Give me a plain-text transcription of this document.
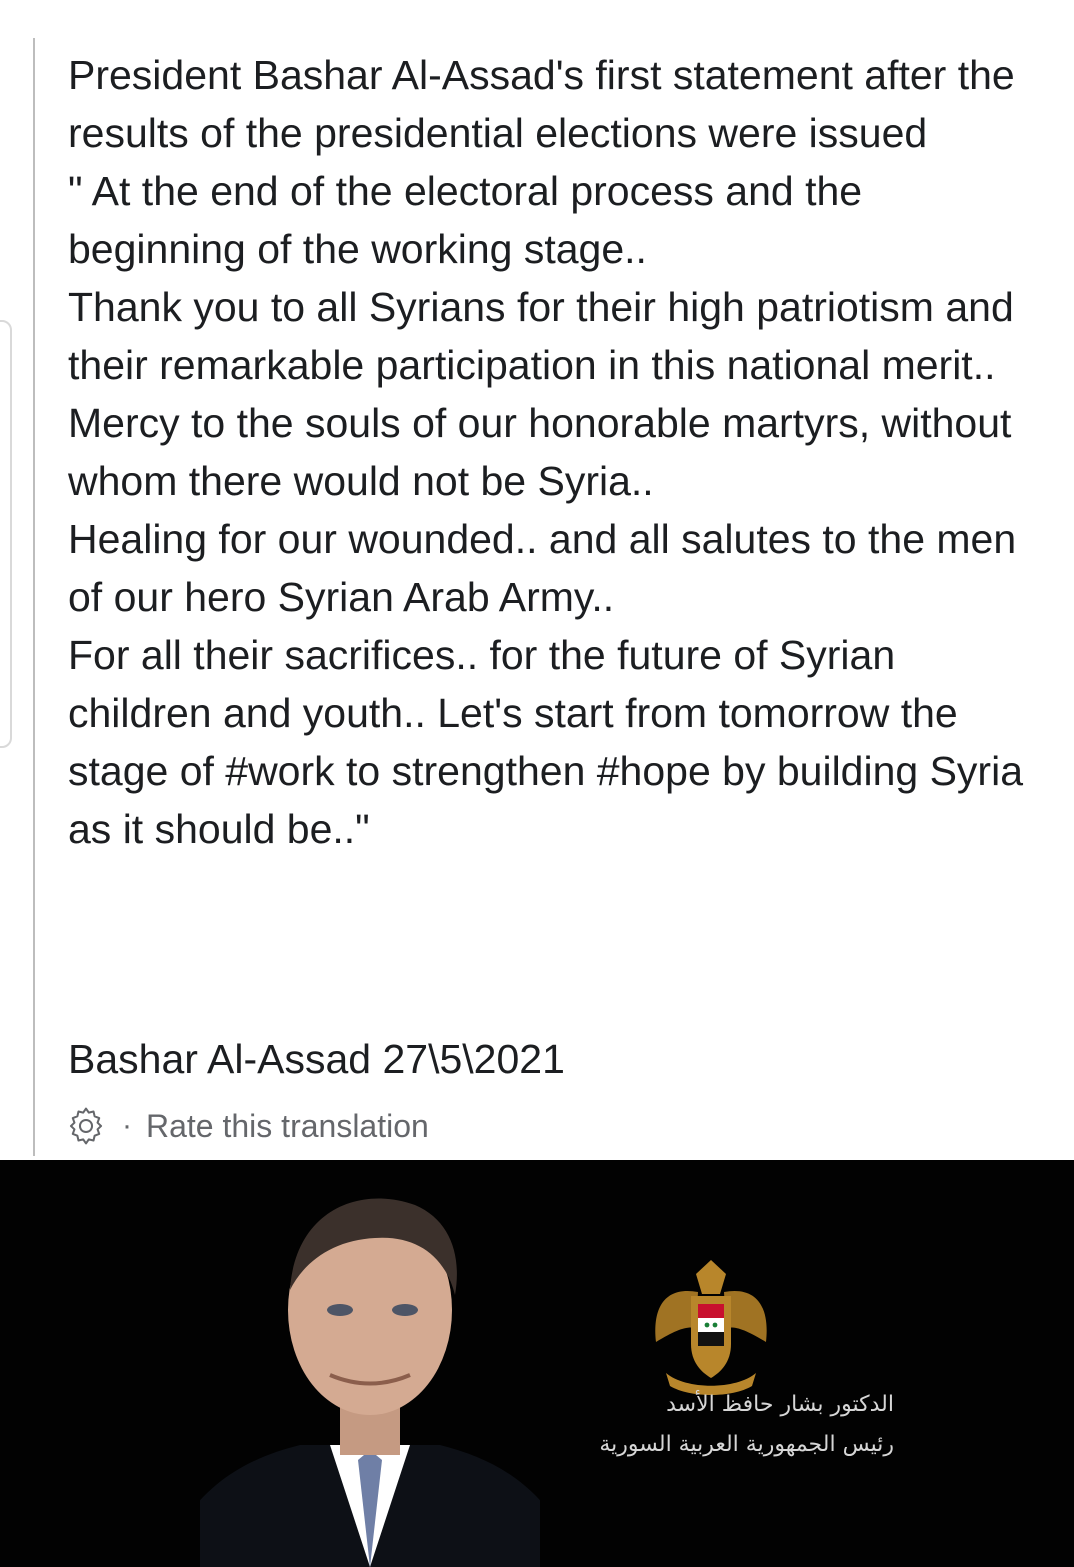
President Bashar Al-Assad's first statement after the results of the presidential elections were issued

" At the end of the electoral process and the beginning of the working stage..

Thank you to all Syrians for their high patriotism and their remarkable participation in this national merit..

Mercy to the souls of our honorable martyrs, without whom there would not be Syria..

Healing for our wounded.. and all salutes to the men of our hero Syrian Arab Army..

For all their sacrifices.. for the future of Syrian children and youth.. Let's start from tomorrow the stage of #work to strengthen #hope by building Syria as it should be.."

Bashar Al-Assad 27\5\2021
· Rate this translation
الدكتور بشار حافظ الأسد
رئيس الجمهورية العربية السورية
